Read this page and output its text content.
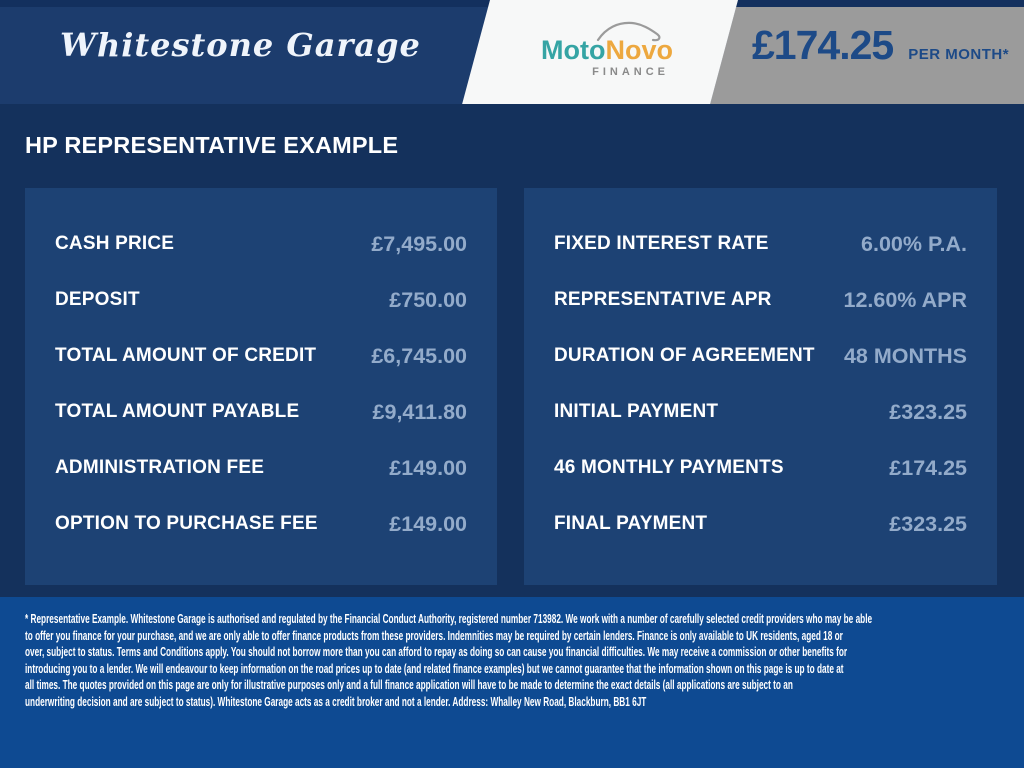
Whitestone Garage	MotoNovo
FINANCE
£174.25 PER MONTH*
HP REPRESENTATIVE EXAMPLE
CASH PRICE	£7,495.00
DEPOSIT	£750.00
TOTAL AMOUNT OF CREDIT	£6,745.00
TOTAL AMOUNT PAYABLE	£9,411.80
ADMINISTRATION FEE	£149.00
OPTION TO PURCHASE FEE	£149.00
FIXED INTEREST RATE	6.00% P.A.
REPRESENTATIVE APR	12.60% APR
DURATION OF AGREEMENT 48 MONTHS
INITIAL PAYMENT	£323.25
46 MONTHLY PAYMENTS	£174.25
FINAL PAYMENT	£323.25
* Representative Example. Whitestone Garage is authorised and regulated by the Financial Conduct Authority, registered number 713982. We work with a number of carefully selected credit providers who may be able
to offer you finance for your purchase, and we are only able to offer finance products from these providers. Indemnities may be required by certain lenders. Finance is only available to UK residents, aged 18 or
over, subject to status. Terms and Conditions apply. You should not borrow more than you can afford to repay as doing so can cause you financial difficulties. We may receive a commission or other benefits for
introducing you to a lender. We will endeavour to keep information on the road prices up to date (and related finance examples) but we cannot guarantee that the information shown on this page is up to date at
all times. The quotes provided on this page are only for illustrative purposes only and a full finance application will have to be made to determine the exact details (all applications are subject to an
underwriting decision and are subject to status). Whitestone Garage acts as a credit broker and not a lender. Address: Whalley New Road, Blackburn, BB1 6JT
